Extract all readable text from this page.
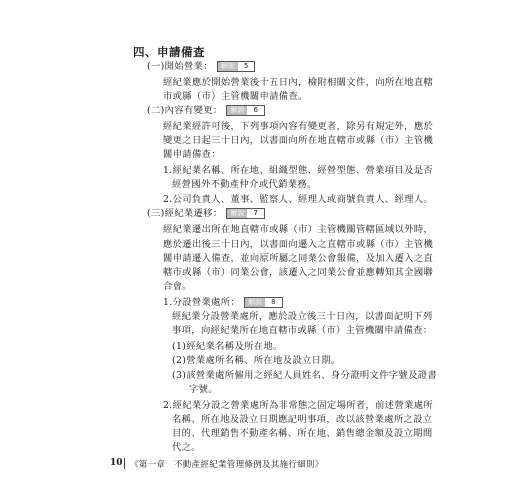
四、申請備查
(一)開始營業： 解說 5
經紀業應於開始營業後十五日內，檢附相關文件，向所在地直轄
市或縣（市）主管機關申請備查。
(二)內容有變更： 解說 6
經紀業經許可後，下列事項內容有變更者，除另有規定外，應於
變更之日起三十日內，以書面向所在地直轄市或縣（市）主管機
關申請備查：
1.經紀業名稱、所在地、組織型態、經營型態、營業項目及是否
經營國外不動產仲介或代銷業務。
2.公司負責人、董事、監察人、經理人或商號負責人、經理人。
(三)經紀業遷移： 解說 7
經紀業遷出所在地直轄市或縣（市）主管機關管轄區域以外時，
應於遷出後三十日內，以書面向遷入之直轄市或縣（市）主管機
關申請遷入備查，並向原所屬之同業公會報備，及加入遷入之直
轄市或縣（市）同業公會，該遷入之同業公會並應轉知其全國聯
合會。
1.分設營業處所： 解說 8
經紀業分設營業處所，應於設立後三十日內，以書面記明下列
事項，向經紀業所在地直轄市或縣（市）主管機關申請備查：
(1)經紀業名稱及所在地。
(2)營業處所名稱、所在地及設立日期。
(3)該營業處所僱用之經紀人員姓名、身分證明文件字號及證書
字號。
2.經紀業分設之營業處所為非常態之固定場所者，前述營業處所
名稱、所在地及設立日期應記明事項，改以該營業處所之設立
目的、代理銷售不動產名稱、所在地、銷售總金額及設立期間
代之。
10 《第一章　不動產經紀業管理條例及其施行細則》
